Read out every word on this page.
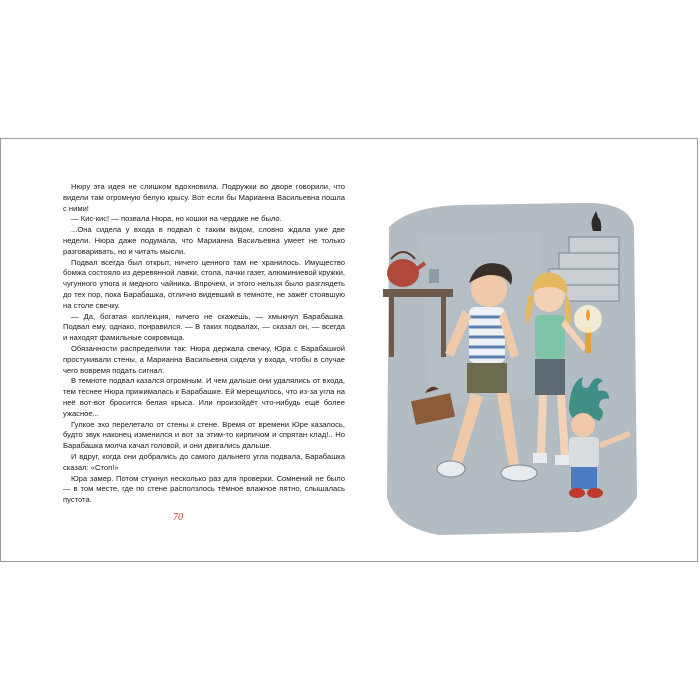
Нюру эта идея не слишком вдохновила. Подружки во дворе говорили, что видели там огромную белую крысу. Вот если бы Марианна Васильевна пошла с ними!

— Кис-кис! — позвала Нюра, но кошки на чердаке не было.

...Она сидела у входа в подвал с таким видом, словно ждала уже две недели. Нюра даже подумала, что Марианна Васильевна умеет не только разговаривать, но и читать мысли.

Подвал всегда был открыт, ничего ценного там не хранилось. Имущество бомжа состояло из деревянной лавки, стола, пачки газет, алюминиевой кружки, чугунного утюга и медного чайника. Впрочем, и этого нельзя было разглядеть до тех пор, пока Барабашка, отлично видевший в темноте, не зажёг стоявшую на столе свечку.

— Да, богатая коллекция, ничего не скажешь, — хмыкнул Барабашка. Подвал ему, однако, понравился. — В таких подвалах, — сказал он, — всегда и находят фамильные сокровища.

Обязанности распределили так: Нюра держала свечку, Юра с Барабашкой простукивали стены, а Марианна Васильевна сидела у входа, чтобы в случае чего вовремя подать сигнал.

В темноте подвал казался огромным. И чем дальше они удалялись от входа, тем теснее Нюра прижималась к Барабашке. Ей мерещилось, что из-за угла на неё вот-вот бросится белая крыса. Или произойдёт что-нибудь ещё более ужасное...

Гулкое эхо перелетало от стены к стене. Время от времени Юре казалось, будто звук наконец изменился и вот за этим-то кирпичом и спрятан клад!.. Но Барабашка молча качал головой, и они двигались дальше.

И вдруг, когда они добрались до самого дальнего угла подвала, Барабашка сказал: «Стоп!»

Юра замер. Потом стукнул несколько раз для проверки. Сомнений не было — в том месте, где по стене расползлось тёмное влажное пятно, слышалась пустота.

70
